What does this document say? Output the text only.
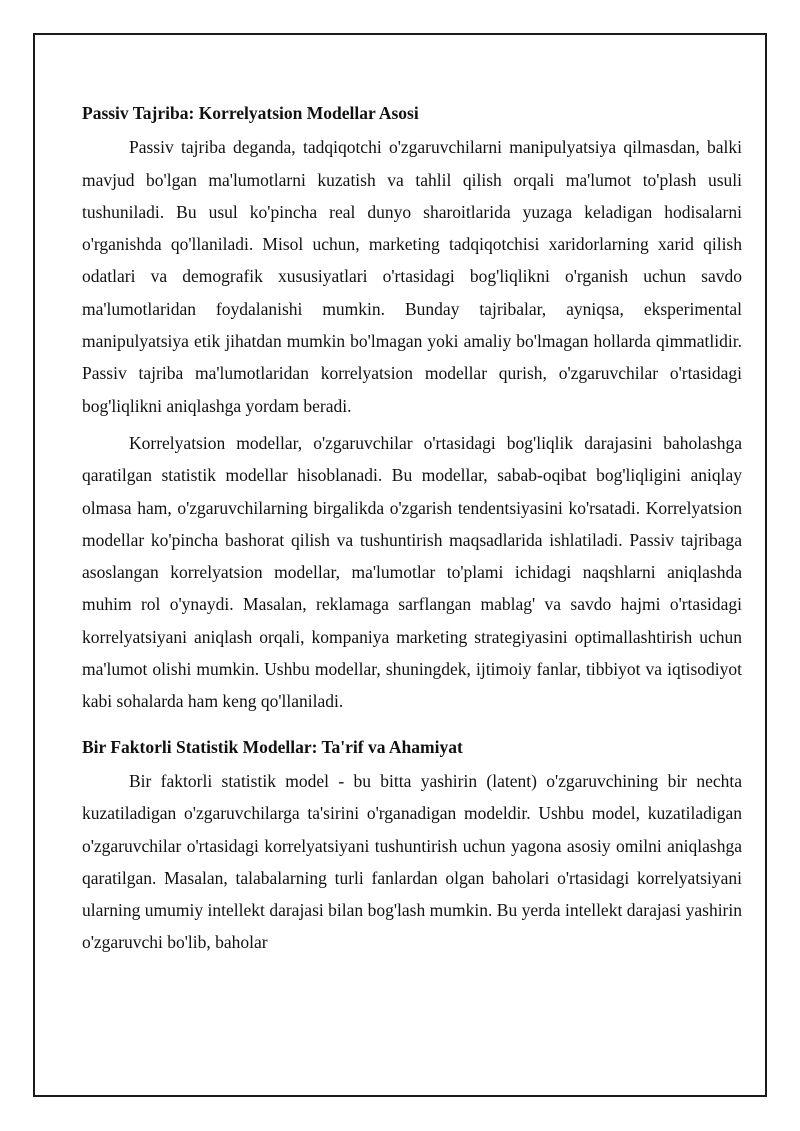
Passiv Tajriba: Korrelyatsion Modellar Asosi

Passiv tajriba deganda, tadqiqotchi o'zgaruvchilarni manipulyatsiya qilmasdan, balki mavjud bo'lgan ma'lumotlarni kuzatish va tahlil qilish orqali ma'lumot to'plash usuli tushuniladi. Bu usul ko'pincha real dunyo sharoitlarida yuzaga keladigan hodisalarni o'rganishda qo'llaniladi. Misol uchun, marketing tadqiqotchisi xaridorlarning xarid qilish odatlari va demografik xususiyatlari o'rtasidagi bog'liqlikni o'rganish uchun savdo ma'lumotlaridan foydalanishi mumkin. Bunday tajribalar, ayniqsa, eksperimental manipulyatsiya etik jihatdan mumkin bo'lmagan yoki amaliy bo'lmagan hollarda qimmatlidir. Passiv tajriba ma'lumotlaridan korrelyatsion modellar qurish, o'zgaruvchilar o'rtasidagi bog'liqlikni aniqlashga yordam beradi.

Korrelyatsion modellar, o'zgaruvchilar o'rtasidagi bog'liqlik darajasini baholashga qaratilgan statistik modellar hisoblanadi. Bu modellar, sabab-oqibat bog'liqligini aniqlay olmasa ham, o'zgaruvchilarning birgalikda o'zgarish tendentsiyasini ko'rsatadi. Korrelyatsion modellar ko'pincha bashorat qilish va tushuntirish maqsadlarida ishlatiladi. Passiv tajribaga asoslangan korrelyatsion modellar, ma'lumotlar to'plami ichidagi naqshlarni aniqlashda muhim rol o'ynaydi. Masalan, reklamaga sarflangan mablag' va savdo hajmi o'rtasidagi korrelyatsiyani aniqlash orqali, kompaniya marketing strategiyasini optimallashtirish uchun ma'lumot olishi mumkin. Ushbu modellar, shuningdek, ijtimoiy fanlar, tibbiyot va iqtisodiyot kabi sohalarda ham keng qo'llaniladi.

Bir Faktorli Statistik Modellar: Ta'rif va Ahamiyat

Bir faktorli statistik model - bu bitta yashirin (latent) o'zgaruvchining bir nechta kuzatiladigan o'zgaruvchilarga ta'sirini o'rganadigan modeldir. Ushbu model, kuzatiladigan o'zgaruvchilar o'rtasidagi korrelyatsiyani tushuntirish uchun yagona asosiy omilni aniqlashga qaratilgan. Masalan, talabalarning turli fanlardan olgan baholari o'rtasidagi korrelyatsiyani ularning umumiy intellekt darajasi bilan bog'lash mumkin. Bu yerda intellekt darajasi yashirin o'zgaruvchi bo'lib, baholar
